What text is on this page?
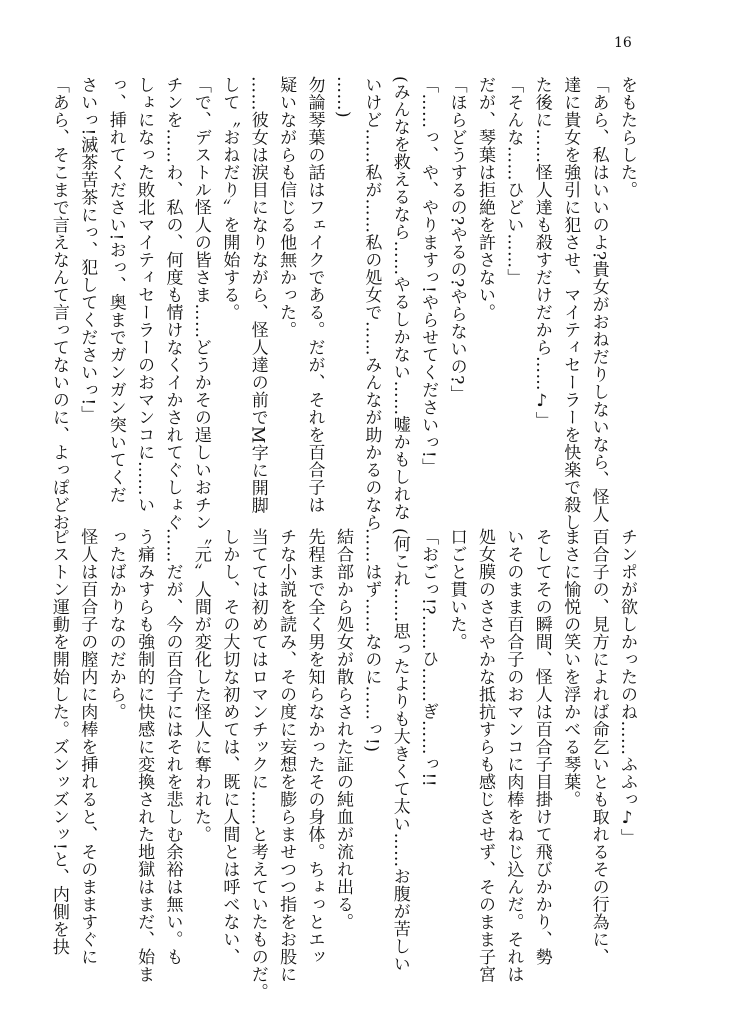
16
をもたらした。
「あら、私はいいのよ?貴女がおねだりしないなら、怪人
達に貴女を強引に犯させ、マイティセーラーを快楽で殺し
た後に……怪人達も殺すだけだから……♪」
「そんな……ひどい……」
だが、琴葉は拒絶を許さない。
「ほらどうするの?やるの?やらないの?」
「……っ、や、やりますっ!やらせてくださいっ!」
(みんなを救えるなら……やるしかない……嘘かもしれな
いけど……私が……私の処女で……みんなが助かるのなら
……)
勿論琴葉の話はフェイクである。だが、それを百合子は
疑いながらも信じる他無かった。
……彼女は涙目になりながら、怪人達の前でM字に開脚
して〝おねだり〟を開始する。
「で、デストル怪人の皆さま……どうかその逞しいおチン
チンを……わ、私の、何度も情けなくイかされてぐしょぐ
しょになった敗北マイティセーラーのおマンコに……い
っ、挿れてください!おっ、奥までガンガン突いてくだ
さいっ!滅茶苦茶にっ、犯してくださいっ!」
「あら、そこまで言えなんて言ってないのに、よっぽどお
チンポが欲しかったのね……ふふっ♪」
百合子の、見方によれば命乞いとも取れるその行為に、
まさに愉悦の笑いを浮かべる琴葉。
そしてその瞬間、怪人は百合子目掛けて飛びかかり、勢
いそのまま百合子のおマンコに肉棒をねじ込んだ。それは
処女膜のささやかな抵抗すらも感じさせず、そのまま子宮
口ごと貫いた。
「おごっ!?……ひ……ぎ……っ!!
(何これ……思ったよりも大きくて太い……お腹が苦しい
……はず……なのに……っ!)
結合部から処女が散らされた証の純血が流れ出る。
先程まで全く男を知らなかったその身体。ちょっとエッ
チな小説を読み、その度に妄想を膨らませつつ指をお股に
当てては初めてはロマンチックに……と考えていたものだ。
しかし、その大切な初めては、既に人間とは呼べない、
〝元〟人間が変化した怪人に奪われた。
……だが、今の百合子にはそれを悲しむ余裕は無い。も
う痛みすらも強制的に快感に変換された地獄はまだ、始ま
ったばかりなのだから。
怪人は百合子の膣内に肉棒を挿れると、そのまますぐに
ピストン運動を開始した。ズンッズンッ!と、内側を抉
